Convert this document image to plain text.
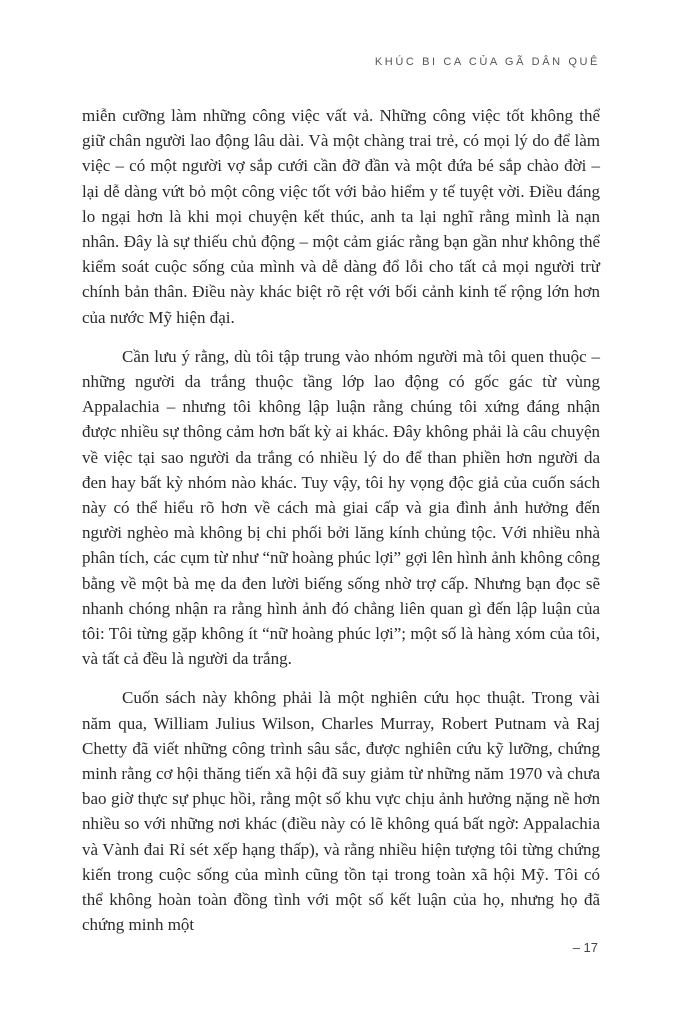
KHÚC BI CA CỦA GÃ DÂN QUÊ

miễn cưỡng làm những công việc vất vả. Những công việc tốt không thể giữ chân người lao động lâu dài. Và một chàng trai trẻ, có mọi lý do để làm việc – có một người vợ sắp cưới cần đỡ đần và một đứa bé sắp chào đời – lại dễ dàng vứt bỏ một công việc tốt với bảo hiểm y tế tuyệt vời. Điều đáng lo ngại hơn là khi mọi chuyện kết thúc, anh ta lại nghĩ rằng mình là nạn nhân. Đây là sự thiếu chủ động – một cảm giác rằng bạn gần như không thể kiểm soát cuộc sống của mình và dễ dàng đổ lỗi cho tất cả mọi người trừ chính bản thân. Điều này khác biệt rõ rệt với bối cảnh kinh tế rộng lớn hơn của nước Mỹ hiện đại.

Cần lưu ý rằng, dù tôi tập trung vào nhóm người mà tôi quen thuộc – những người da trắng thuộc tầng lớp lao động có gốc gác từ vùng Appalachia – nhưng tôi không lập luận rằng chúng tôi xứng đáng nhận được nhiều sự thông cảm hơn bất kỳ ai khác. Đây không phải là câu chuyện về việc tại sao người da trắng có nhiều lý do để than phiền hơn người da đen hay bất kỳ nhóm nào khác. Tuy vậy, tôi hy vọng độc giả của cuốn sách này có thể hiểu rõ hơn về cách mà giai cấp và gia đình ảnh hưởng đến người nghèo mà không bị chi phối bởi lăng kính chủng tộc. Với nhiều nhà phân tích, các cụm từ như “nữ hoàng phúc lợi” gợi lên hình ảnh không công bằng về một bà mẹ da đen lười biếng sống nhờ trợ cấp. Nhưng bạn đọc sẽ nhanh chóng nhận ra rằng hình ảnh đó chẳng liên quan gì đến lập luận của tôi: Tôi từng gặp không ít “nữ hoàng phúc lợi”; một số là hàng xóm của tôi, và tất cả đều là người da trắng.

Cuốn sách này không phải là một nghiên cứu học thuật. Trong vài năm qua, William Julius Wilson, Charles Murray, Robert Putnam và Raj Chetty đã viết những công trình sâu sắc, được nghiên cứu kỹ lưỡng, chứng minh rằng cơ hội thăng tiến xã hội đã suy giảm từ những năm 1970 và chưa bao giờ thực sự phục hồi, rằng một số khu vực chịu ảnh hưởng nặng nề hơn nhiều so với những nơi khác (điều này có lẽ không quá bất ngờ: Appalachia và Vành đai Rỉ sét xếp hạng thấp), và rằng nhiều hiện tượng tôi từng chứng kiến trong cuộc sống của mình cũng tồn tại trong toàn xã hội Mỹ. Tôi có thể không hoàn toàn đồng tình với một số kết luận của họ, nhưng họ đã chứng minh một

– 17
